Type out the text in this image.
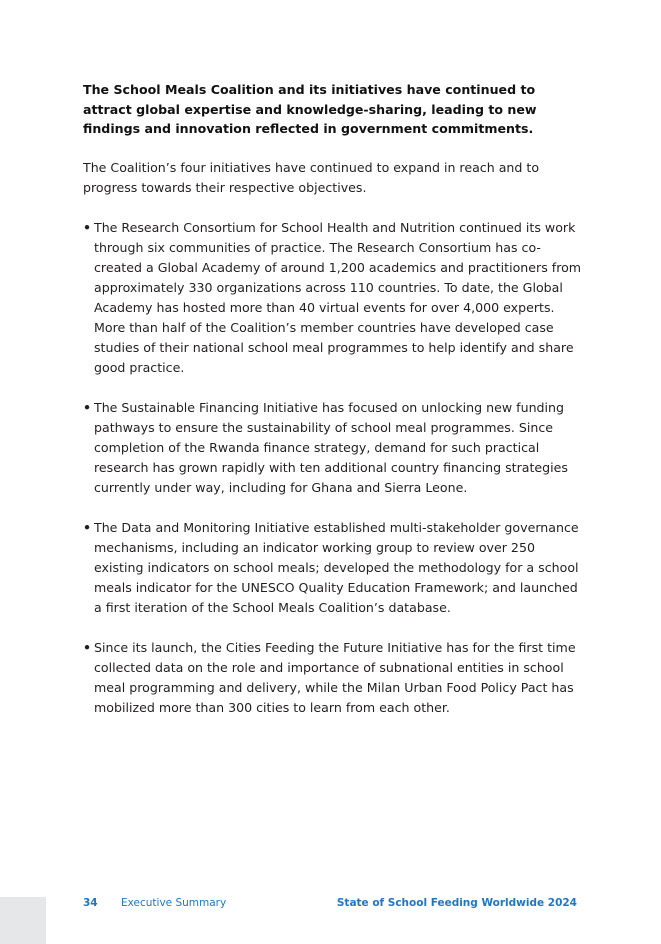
The School Meals Coalition and its initiatives have continued to attract global expertise and knowledge-sharing, leading to new findings and innovation reflected in government commitments.

The Coalition’s four initiatives have continued to expand in reach and to progress towards their respective objectives.

• The Research Consortium for School Health and Nutrition continued its work through six communities of practice. The Research Consortium has co-created a Global Academy of around 1,200 academics and practitioners from approximately 330 organizations across 110 countries. To date, the Global Academy has hosted more than 40 virtual events for over 4,000 experts. More than half of the Coalition’s member countries have developed case studies of their national school meal programmes to help identify and share good practice.
• The Sustainable Financing Initiative has focused on unlocking new funding pathways to ensure the sustainability of school meal programmes. Since completion of the Rwanda finance strategy, demand for such practical research has grown rapidly with ten additional country financing strategies currently under way, including for Ghana and Sierra Leone.
• The Data and Monitoring Initiative established multi-stakeholder governance mechanisms, including an indicator working group to review over 250 existing indicators on school meals; developed the methodology for a school meals indicator for the UNESCO Quality Education Framework; and launched a first iteration of the School Meals Coalition’s database.
• Since its launch, the Cities Feeding the Future Initiative has for the first time collected data on the role and importance of subnational entities in school meal programming and delivery, while the Milan Urban Food Policy Pact has mobilized more than 300 cities to learn from each other.
34 Executive Summary	State of School Feeding Worldwide 2024
